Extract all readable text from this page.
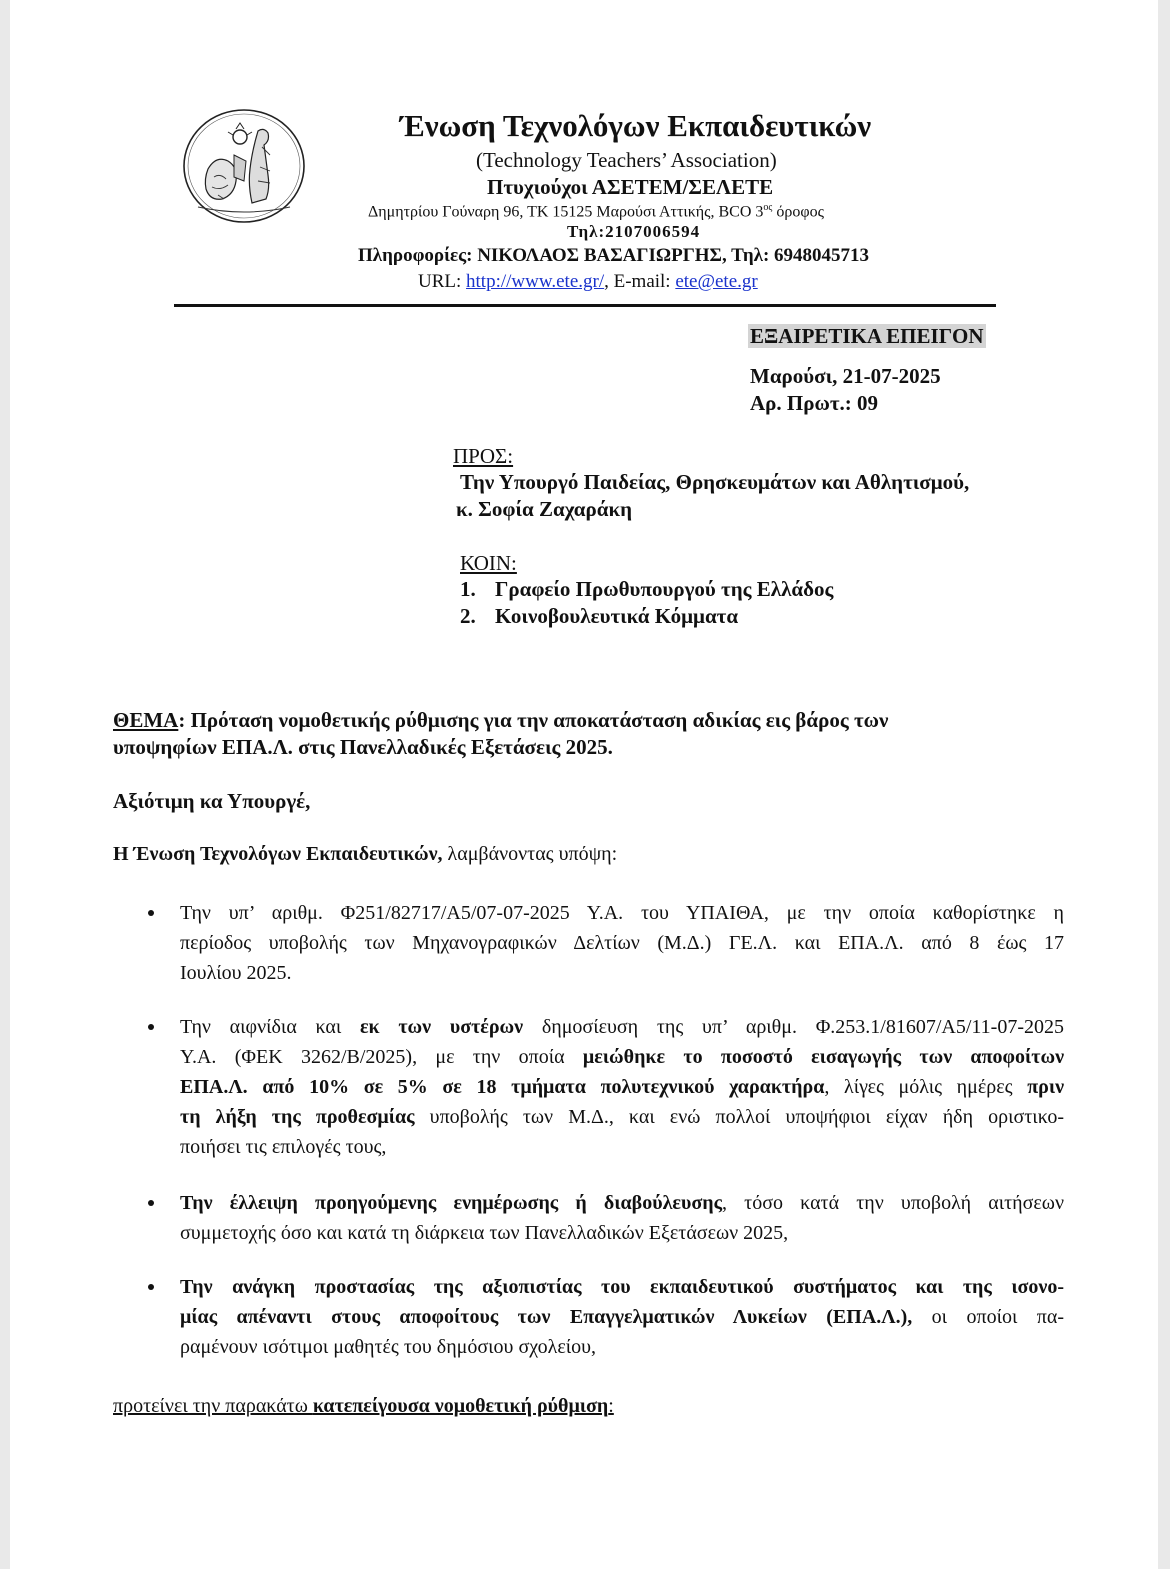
Ένωση Τεχνολόγων Εκπαιδευτικών
(Technology Teachers’ Association)
Πτυχιούχοι ΑΣΕΤΕΜ/ΣΕΛΕΤΕ
Δημητρίου Γούναρη 96, ΤΚ 15125 Μαρούσι Αττικής, ΒCO $3^{o\varsigma}$ όροφος
Τηλ:2107006594
Πληροφορίες: ΝΙΚΟΛΑΟΣ ΒΑΣΑΓΙΩΡΓΗΣ, Τηλ: 6948045713
URL: http://www.ete.gr/, E-mail: ete@ete.gr
ΕΞΑΙΡΕΤΙΚΑ ΕΠΕΙΓΟΝ
Μαρούσι, 21-07-2025
Αρ. Πρωτ.: 09
ΠΡΟΣ:
Την Υπουργό Παιδείας, Θρησκευμάτων και Αθλητισμού,
κ. Σοφία Ζαχαράκη
ΚΟΙΝ:
1. Γραφείο Πρωθυπουργού της Ελλάδος
2. Κοινοβουλευτικά Κόμματα
ΘΕΜΑ: Πρόταση νομοθετικής ρύθμισης για την αποκατάσταση αδικίας εις βάρος των
υποψηφίων ΕΠΑ.Λ. στις Πανελλαδικές Εξετάσεις 2025.
Αξιότιμη κα Υπουργέ,
Η Ένωση Τεχνολόγων Εκπαιδευτικών, λαμβάνοντας υπόψη:
Την υπ’ αριθμ. Φ251/82717/Α5/07-07-2025 Υ.Α. του ΥΠΑΙΘΑ, με την οποία καθορίστηκε η
περίοδος υποβολής των Μηχανογραφικών Δελτίων (Μ.Δ.) ΓΕ.Λ. και ΕΠΑ.Λ. από 8 έως 17
Ιουλίου 2025.
Την αιφνίδια και εκ των υστέρων δημοσίευση της υπ’ αριθμ. Φ.253.1/81607/Α5/11-07-2025
Υ.Α. (ΦΕΚ 3262/Β/2025), με την οποία μειώθηκε το ποσοστό εισαγωγής των αποφοίτων
ΕΠΑ.Λ. από 10% σε 5% σε 18 τμήματα πολυτεχνικού χαρακτήρα, λίγες μόλις ημέρες πριν
τη λήξη της προθεσμίας υποβολής των Μ.Δ., και ενώ πολλοί υποψήφιοι είχαν ήδη οριστικο-
ποιήσει τις επιλογές τους,
Την έλλειψη προηγούμενης ενημέρωσης ή διαβούλευσης, τόσο κατά την υποβολή αιτήσεων
συμμετοχής όσο και κατά τη διάρκεια των Πανελλαδικών Εξετάσεων 2025,
Την ανάγκη προστασίας της αξιοπιστίας του εκπαιδευτικού συστήματος και της ισονο-
μίας απέναντι στους αποφοίτους των Επαγγελματικών Λυκείων (ΕΠΑ.Λ.), οι οποίοι πα-
ραμένουν ισότιμοι μαθητές του δημόσιου σχολείου,
προτείνει την παρακάτω κατεπείγουσα νομοθετική ρύθμιση:
